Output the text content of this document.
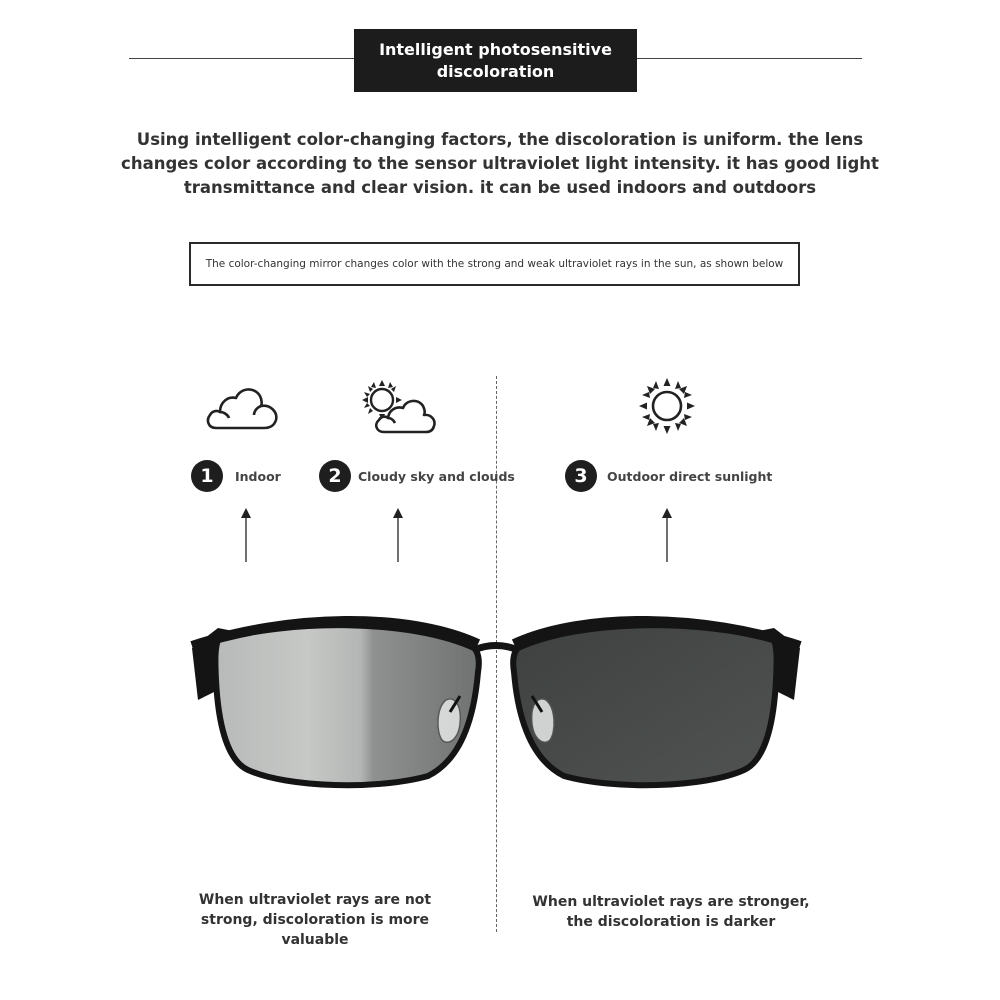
Intelligent photosensitive discoloration
Using intelligent color-changing factors, the discoloration is uniform. the lens changes color according to the sensor ultraviolet light intensity. it has good light transmittance and clear vision. it can be used indoors and outdoors
The color-changing mirror changes color with the strong and weak ultraviolet rays in the sun, as shown below
1	Indoor	2	Cloudy sky and clouds	3	Outdoor direct sunlight
When ultraviolet rays are not strong, discoloration is more valuable
When ultraviolet rays are stronger, the discoloration is darker
